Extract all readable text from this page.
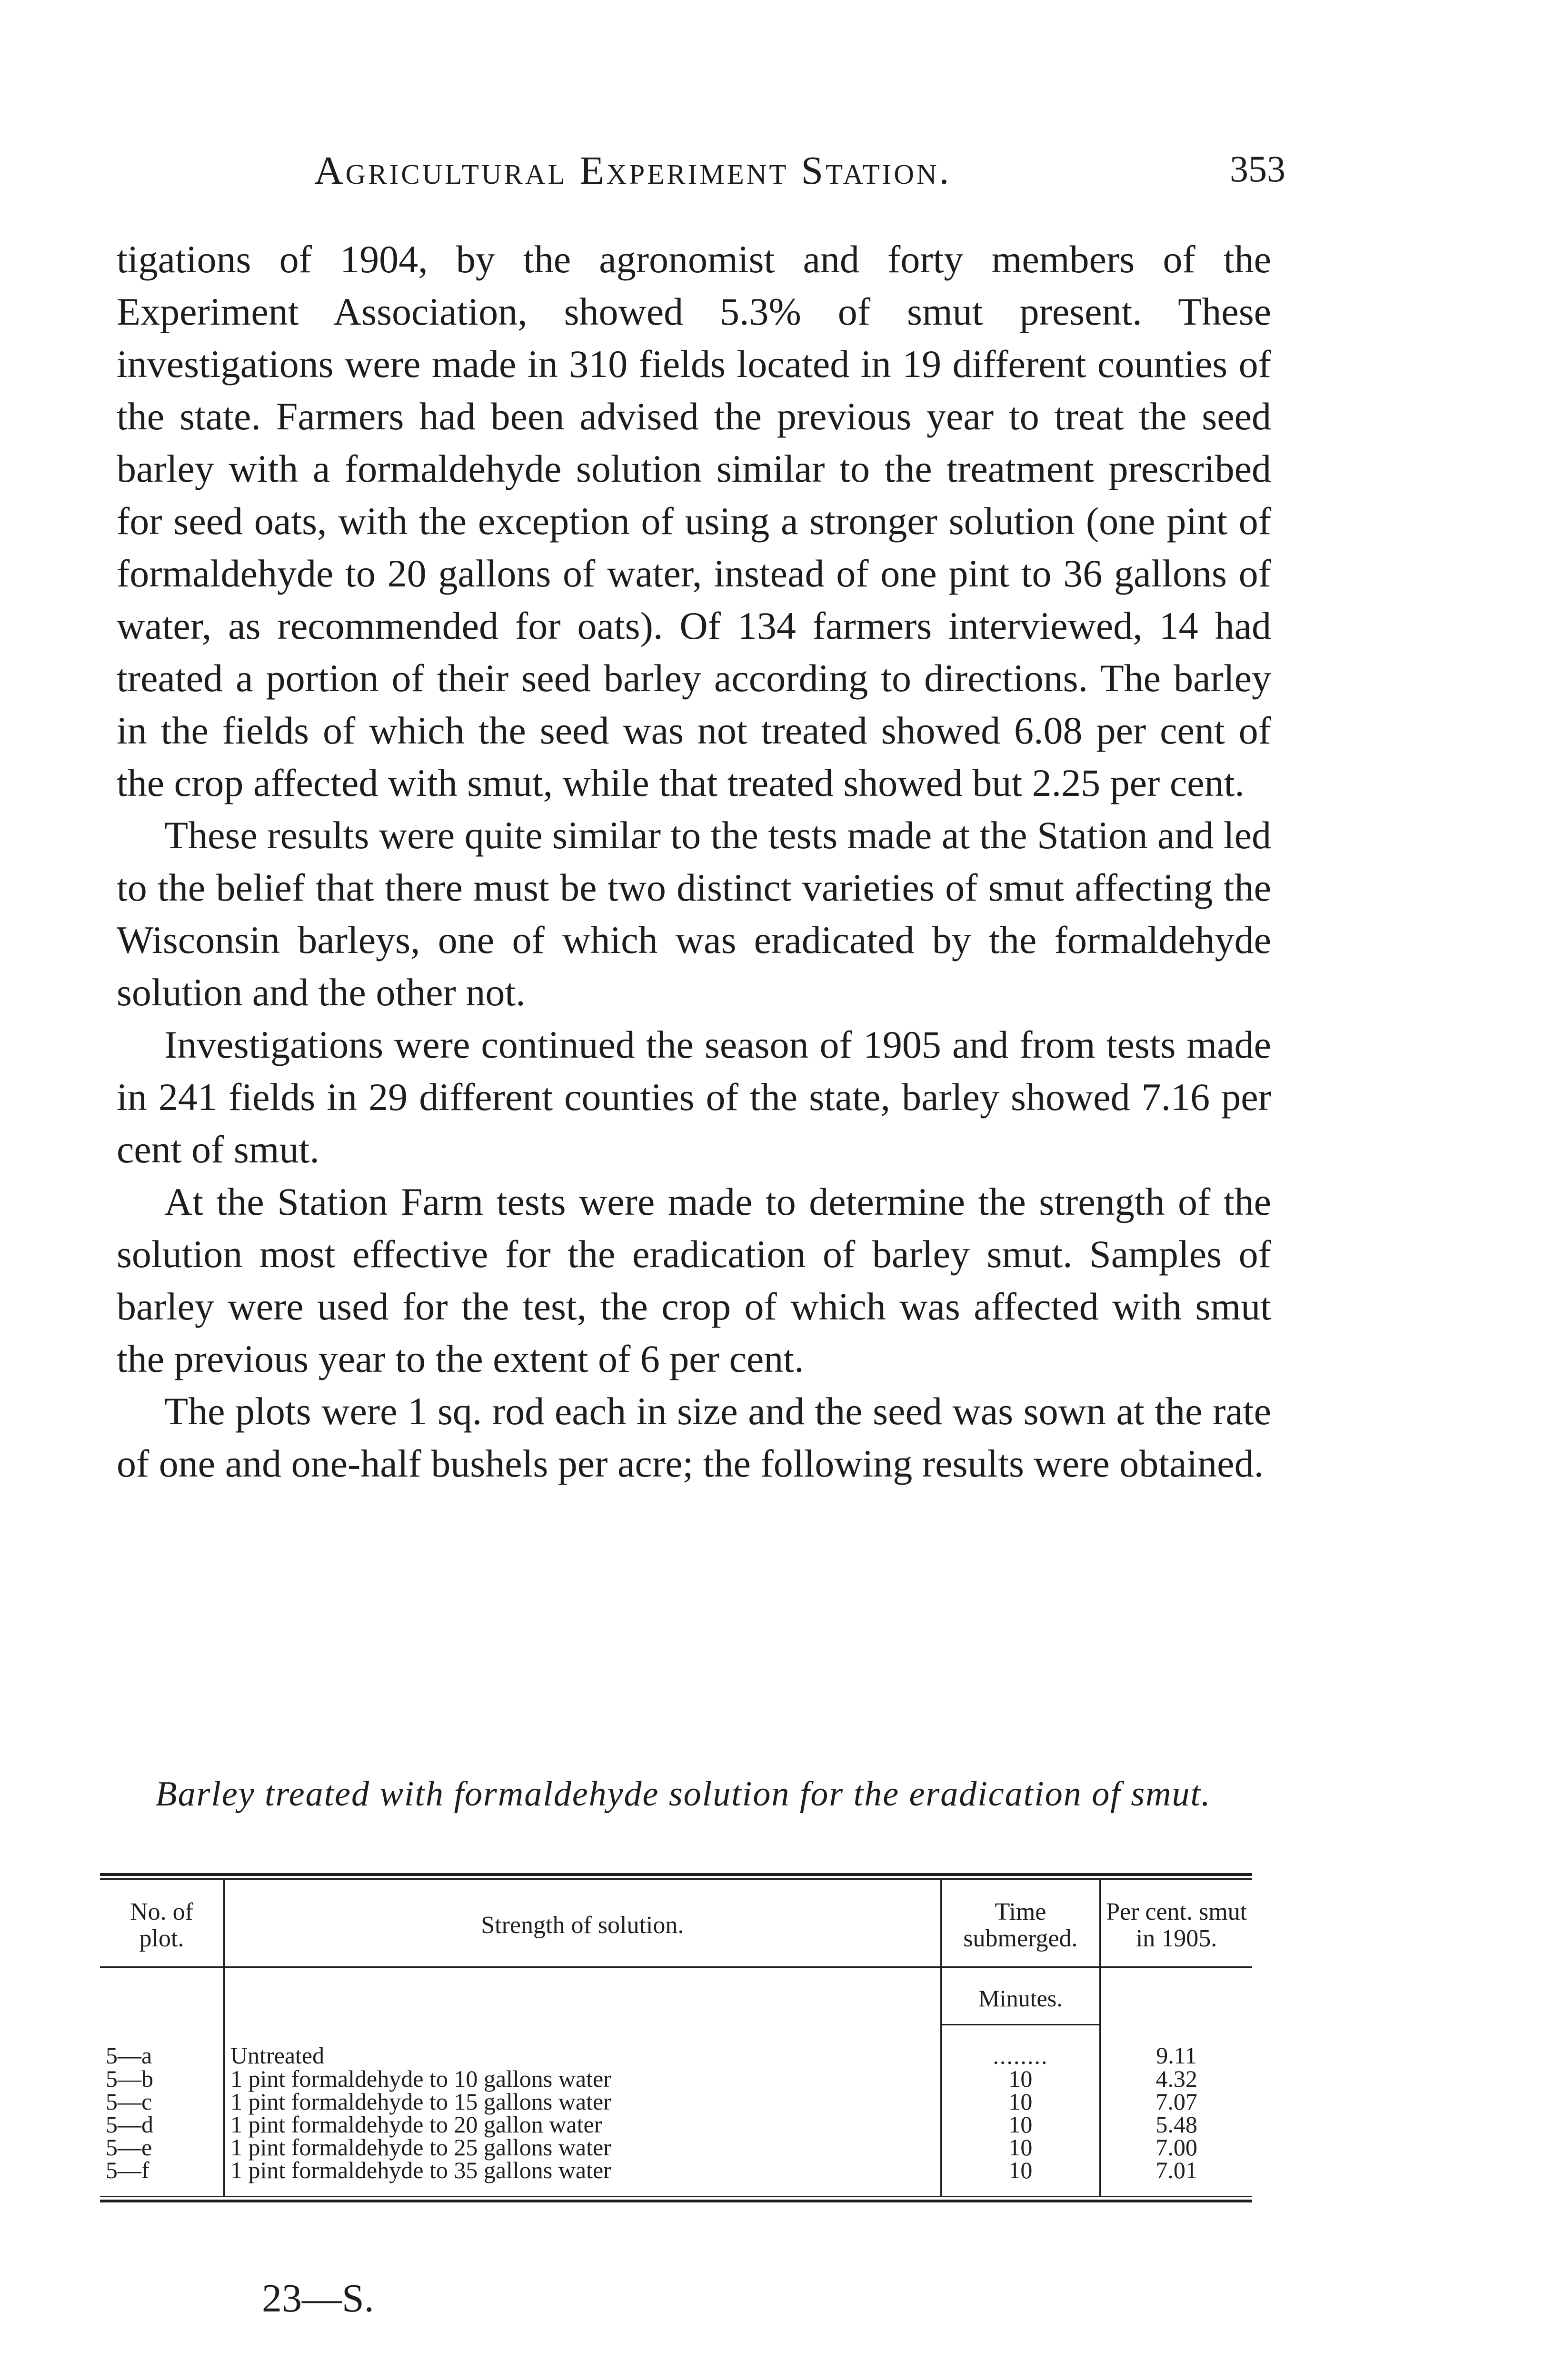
Agricultural Experiment Station.	353

tigations of 1904, by the agronomist and forty members of the Experiment Association, showed 5.3% of smut present. These investigations were made in 310 fields located in 19 different counties of the state. Farmers had been advised the previous year to treat the seed barley with a formaldehyde solution similar to the treatment prescribed for seed oats, with the exception of using a stronger solution (one pint of formaldehyde to 20 gallons of water, instead of one pint to 36 gallons of water, as recommended for oats). Of 134 farmers interviewed, 14 had treated a portion of their seed barley according to directions. The barley in the fields of which the seed was not treated showed 6.08 per cent of the crop affected with smut, while that treated showed but 2.25 per cent.

These results were quite similar to the tests made at the Station and led to the belief that there must be two distinct varieties of smut affecting the Wisconsin barleys, one of which was eradicated by the formaldehyde solution and the other not.

Investigations were continued the season of 1905 and from tests made in 241 fields in 29 different counties of the state, barley showed 7.16 per cent of smut.

At the Station Farm tests were made to determine the strength of the solution most effective for the eradication of barley smut. Samples of barley were used for the test, the crop of which was affected with smut the previous year to the extent of 6 per cent.

The plots were 1 sq. rod each in size and the seed was sown at the rate of one and one-half bushels per acre; the following results were obtained.

Barley treated with formaldehyde solution for the eradication of smut.
No. of plot.	Strength of solution.	Time submerged.	Per cent. smut in 1905.
		Minutes.	
5—a	Untreated	........	9.11
5—b	1 pint formaldehyde to 10 gallons water	10	4.32
5—c	1 pint formaldehyde to 15 gallons water	10	7.07
5—d	1 pint formaldehyde to 20 gallon water	10	5.48
5—e	1 pint formaldehyde to 25 gallons water	10	7.00
5—f	1 pint formaldehyde to 35 gallons water	10	7.01
23—S.
